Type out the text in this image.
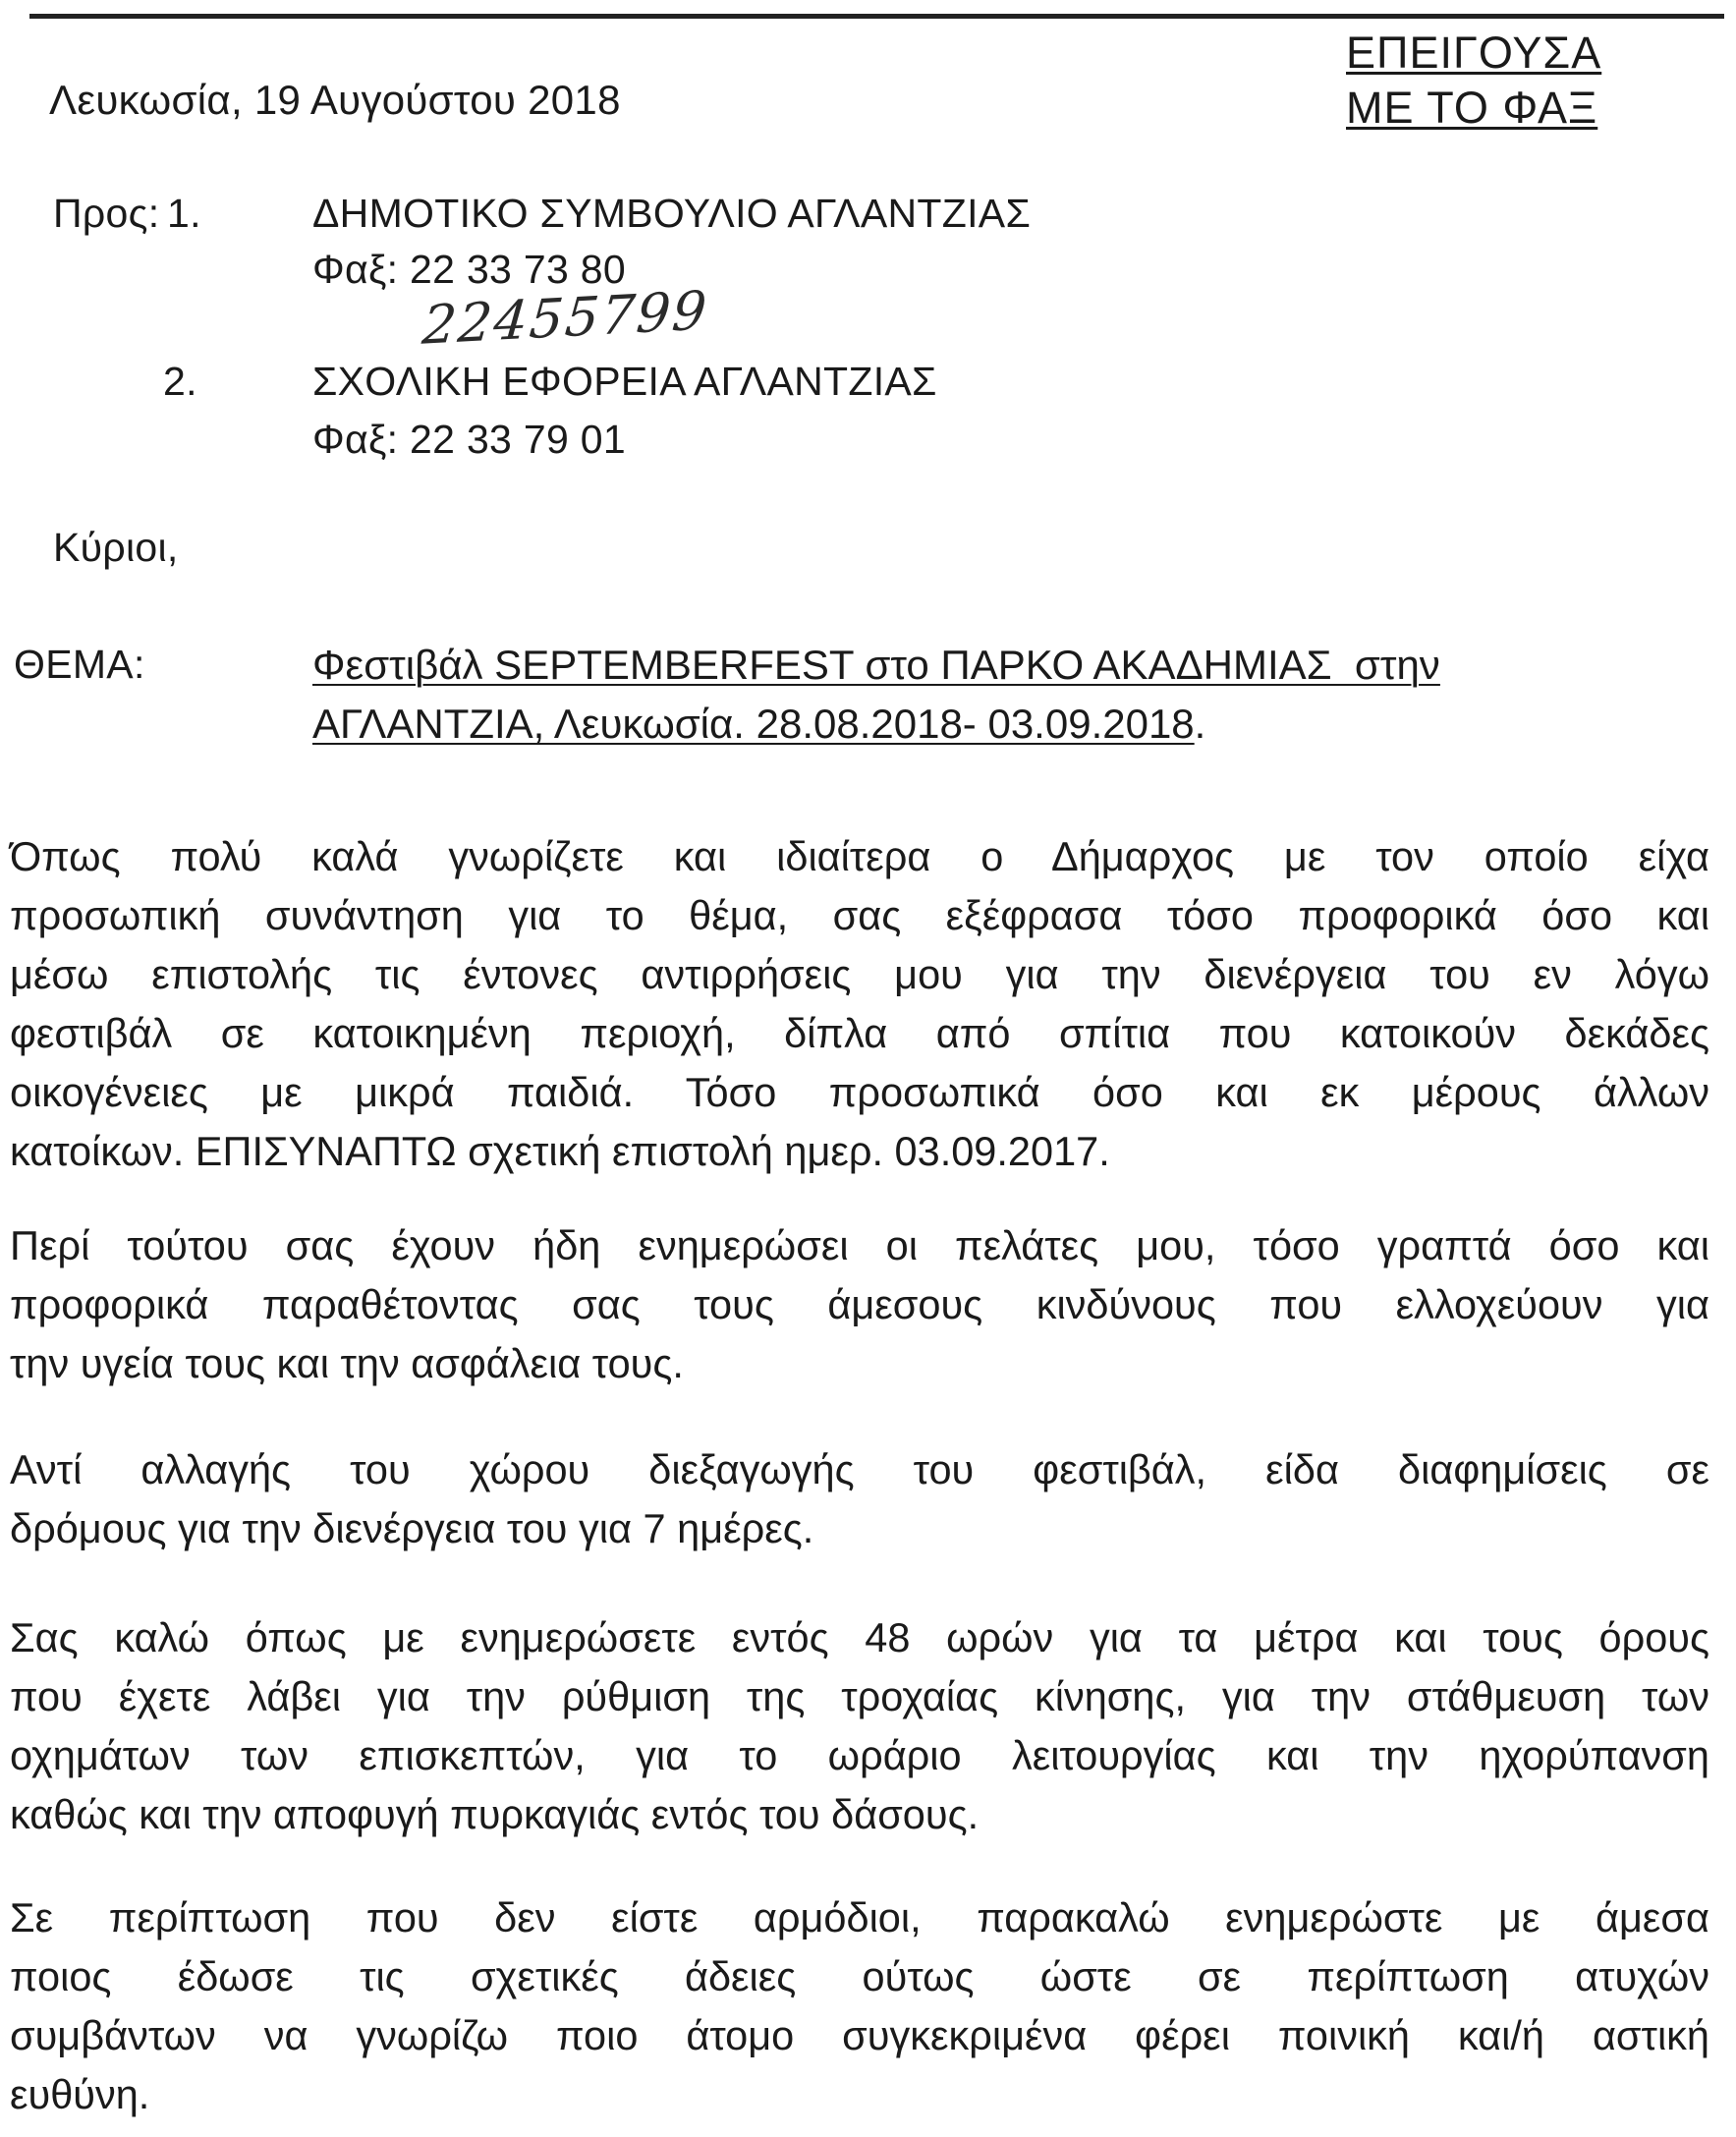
ΕΠΕΙΓΟΥΣΑ
ΜΕ ΤΟ ΦΑΞ
Λευκωσία, 19 Αυγούστου 2018
Προς: 1.	ΔΗΜΟΤΙΚΟ ΣΥΜΒΟΥΛΙΟ ΑΓΛΑΝΤΖΙΑΣ
Φαξ: 22 33 73 80
22455799
2.	ΣΧΟΛΙΚΗ ΕΦΟΡΕΙΑ ΑΓΛΑΝΤΖΙΑΣ
Φαξ: 22 33 79 01
Κύριοι,
ΘΕΜΑ:	Φεστιβάλ SEPTEMBERFEST στο ΠΑΡΚΟ ΑΚΑΔΗΜΙΑΣ  στην
ΑΓΛΑΝΤΖΙΑ, Λευκωσία. 28.08.2018- 03.09.2018.
Όπως πολύ καλά γνωρίζετε και ιδιαίτερα ο Δήμαρχος με τον οποίο είχα
προσωπική συνάντηση για το θέμα, σας εξέφρασα τόσο προφορικά όσο και
μέσω επιστολής τις έντονες αντιρρήσεις μου για την διενέργεια του εν λόγω
φεστιβάλ σε κατοικημένη περιοχή, δίπλα από σπίτια που κατοικούν δεκάδες
οικογένειες με μικρά παιδιά. Τόσο προσωπικά όσο και εκ μέρους άλλων
κατοίκων. ΕΠΙΣΥΝΑΠΤΩ σχετική επιστολή ημερ. 03.09.2017.
Περί τούτου σας έχουν ήδη ενημερώσει οι πελάτες μου, τόσο γραπτά όσο και
προφορικά παραθέτοντας σας τους άμεσους κινδύνους που ελλοχεύουν για
την υγεία τους και την ασφάλεια τους.
Αντί αλλαγής του χώρου διεξαγωγής του φεστιβάλ, είδα διαφημίσεις σε
δρόμους για την διενέργεια του για 7 ημέρες.
Σας καλώ όπως με ενημερώσετε εντός 48 ωρών για τα μέτρα και τους όρους
που έχετε λάβει για την ρύθμιση της τροχαίας κίνησης, για την στάθμευση των
οχημάτων των επισκεπτών, για το ωράριο λειτουργίας και την ηχορύπανση
καθώς και την αποφυγή πυρκαγιάς εντός του δάσους.
Σε περίπτωση που δεν είστε αρμόδιοι, παρακαλώ ενημερώστε με άμεσα
ποιος έδωσε τις σχετικές άδειες ούτως ώστε σε περίπτωση ατυχών
συμβάντων να γνωρίζω ποιο άτομο συγκεκριμένα φέρει ποινική και/ή αστική
ευθύνη.
